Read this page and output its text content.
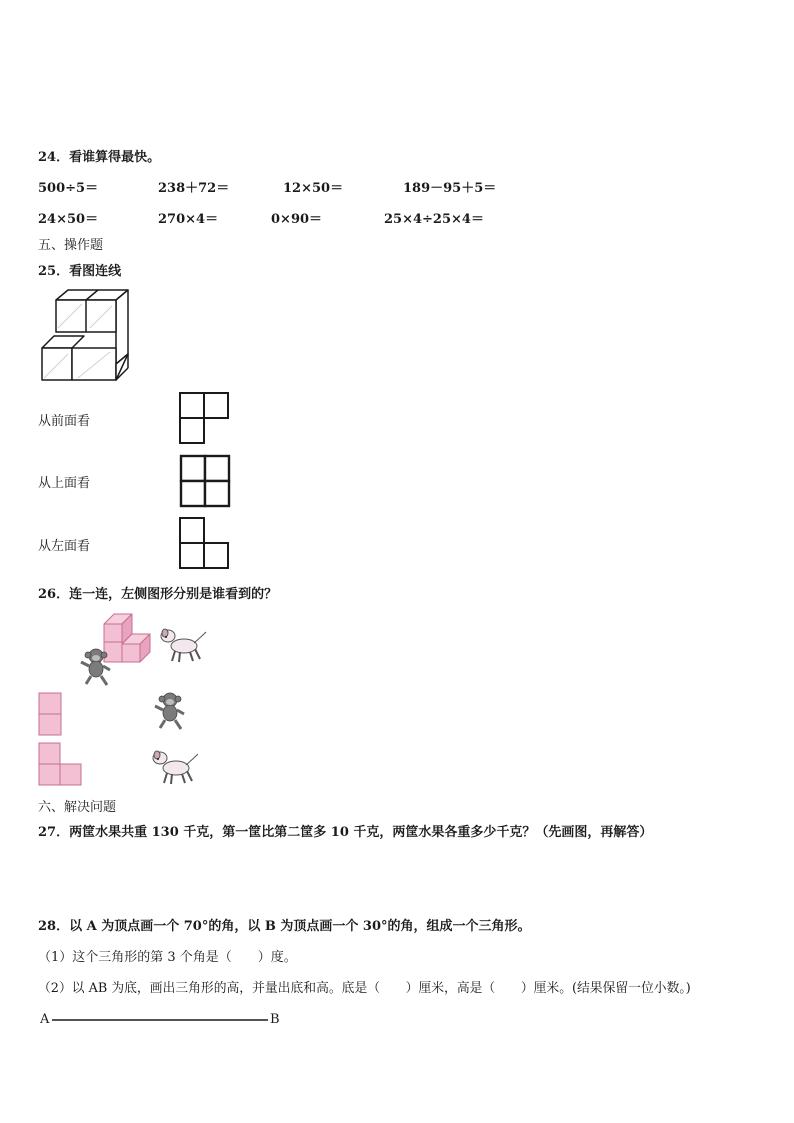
24．看谁算得最快。
500÷5＝	238＋72＝	12×50＝	189－95＋5＝
24×50＝	270×4＝	0×90＝	25×4÷25×4＝
五、操作题
25．看图连线
从前面看
从上面看
从左面看
26．连一连，左侧图形分别是谁看到的？
六、解决问题
27．两筐水果共重 130 千克，第一筐比第二筐多 10 千克，两筐水果各重多少千克？（先画图，再解答）
28．以 A 为顶点画一个 70°的角，以 B 为顶点画一个 30°的角，组成一个三角形。
（1）这个三角形的第 3 个角是（　　）度。
（2）以 AB 为底，画出三角形的高，并量出底和高。底是（　　）厘米，高是（　　）厘米。(结果保留一位小数。)
A	B
